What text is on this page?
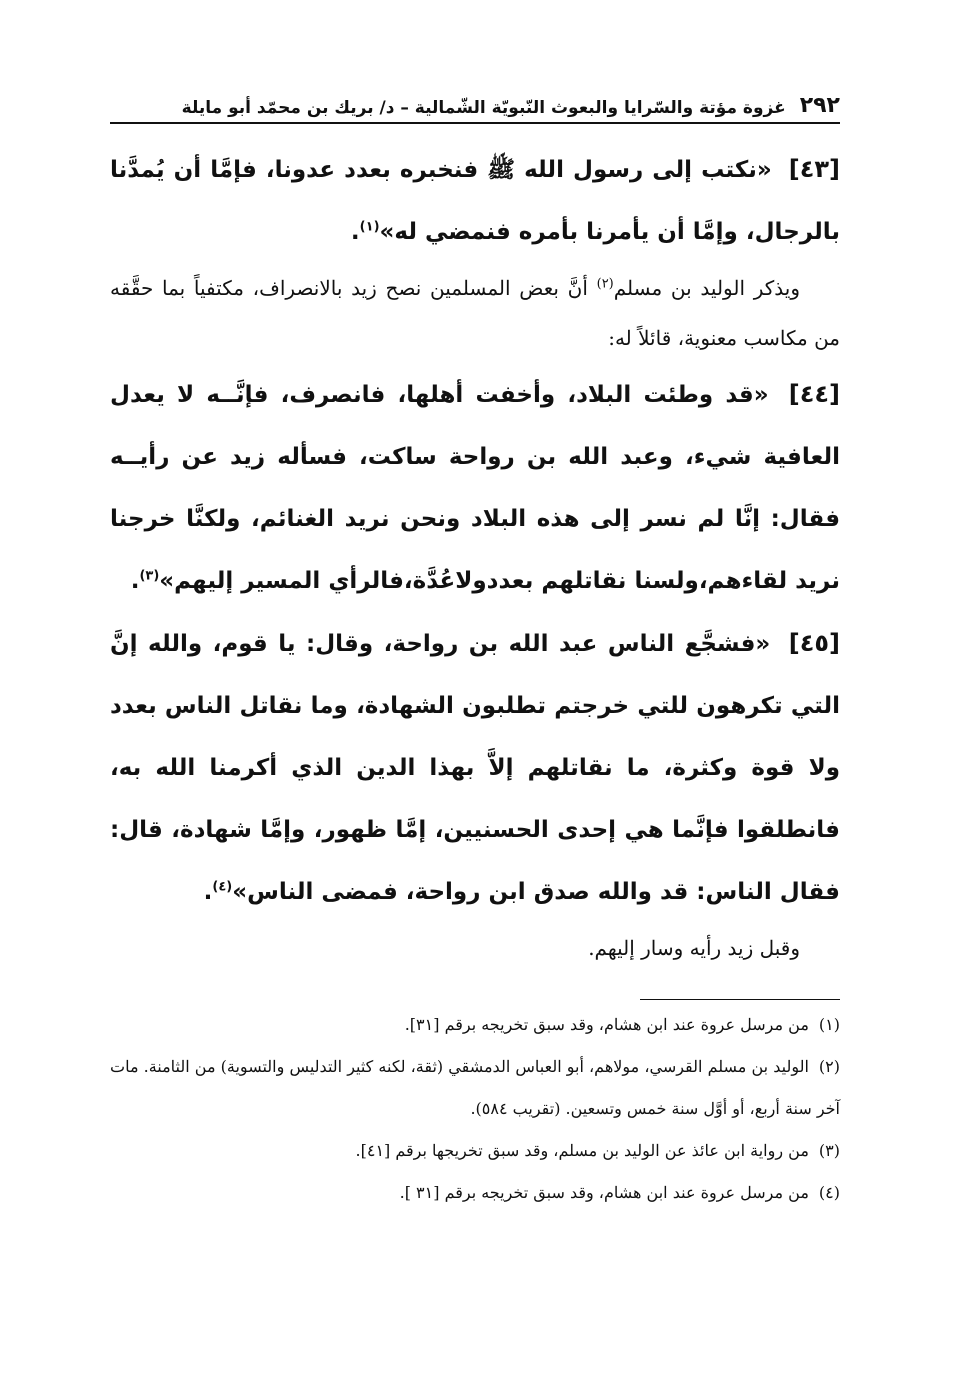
٢٩٢
غزوة مؤتة والسّرايا والبعوث النّبويّة الشّمالية – د/ بريك بن محمّد أبو مايلة

[٤٣] «نكتب إلى رسول الله ﷺ فنخبره بعدد عدونا، فإمَّا أن يُمدَّنا بالرجال، وإمَّا أن يأمرنا بأمره فنمضي له»$^{(١)}$.

ويذكر الوليد بن مسلم$^{(٢)}$ أنَّ بعض المسلمين نصح زيد بالانصراف، مكتفياً بما حقَّقه من مكاسب معنوية، قائلاً له:

[٤٤] «قد وطئت البلاد، وأخفت أهلها، فانصرف، فإنَّــه لا يعدل العافية شيء، وعبد الله بن رواحة ساكت، فسأله زيد عن رأيــه فقال: إنَّا لم نسر إلى هذه البلاد ونحن نريد الغنائم، ولكنَّا خرجنا نريد لقاءهم،ولسنا نقاتلهم بعددولاعُدَّة،فالرأي المسير إليهم»$^{(٣)}$.

[٤٥] «فشجَّع الناس عبد الله بن رواحة، وقال: يا قوم، والله إنَّ التي تكرهون للتي خرجتم تطلبون الشهادة، وما نقاتل الناس بعدد ولا قوة وكثرة، ما نقاتلهم إلاَّ بهذا الدين الذي أكرمنا الله به، فانطلقوا فإنَّما هي إحدى الحسنيين، إمَّا ظهور، وإمَّا شهادة، قال: فقال الناس: قد والله صدق ابن رواحة، فمضى الناس»$^{(٤)}$.

وقبل زيد رأيه وسار إليهم.

(١)من مرسل عروة عند ابن هشام، وقد سبق تخريجه برقم [٣١].

(٢)الوليد بن مسلم القرسي، مولاهم، أبو العباس الدمشقي (ثقة، لكنه كثير التدليس والتسوية) من الثامنة. مات آخر سنة أربع، أو أوَّل سنة خمس وتسعين. (تقريب ٥٨٤).

(٣)من رواية ابن عائذ عن الوليد بن مسلم، وقد سبق تخريجها برقم [٤١].

(٤)من مرسل عروة عند ابن هشام، وقد سبق تخريجه برقم [٣١ ].
